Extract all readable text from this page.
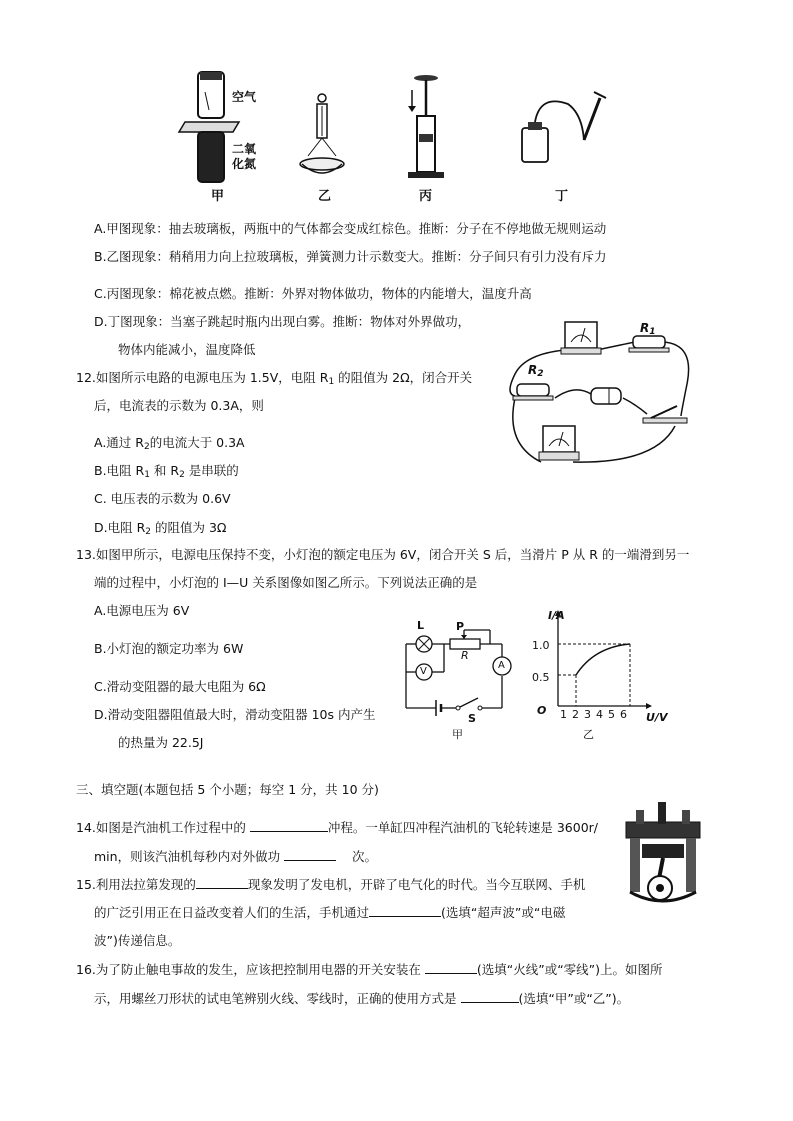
空气
二氧
化氮
甲	乙	丙	丁
A.甲图现象：抽去玻璃板，两瓶中的气体都会变成红棕色。推断：分子在不停地做无规则运动
B.乙图现象：稍稍用力向上拉玻璃板，弹簧测力计示数变大。推断：分子间只有引力没有斥力
C.丙图现象：棉花被点燃。推断：外界对物体做功，物体的内能增大，温度升高
D.丁图现象：当塞子跳起时瓶内出现白雾。推断：物体对外界做功，
物体内能减小，温度降低
$R_1$
$R_2$
12.如图所示电路的电源电压为 1.5V，电阻 $R_1$ 的阻值为 2Ω，闭合开关
后，电流表的示数为 0.3A，则
A.通过 $R_2$的电流大于 0.3A
B.电阻 $R_1$ 和 $R_2$ 是串联的
C. 电压表的示数为 0.6V
D.电阻 $R_2$ 的阻值为 3Ω
13.如图甲所示，电源电压保持不变，小灯泡的额定电压为 6V，闭合开关 S 后，当滑片 P 从 R 的一端滑到另一
端的过程中，小灯泡的 I—U 关系图像如图乙所示。下列说法正确的是
A.电源电压为 6V
B.小灯泡的额定功率为 6W
C.滑动变阻器的最大电阻为 6Ω
D.滑动变阻器阻值最大时，滑动变阻器 10s 内产生
的热量为 22.5J
L	P
R
A
V
S
甲
I/A
1.0
0.5
O 1 2 3 4 5 6 U/V
乙
三、填空题(本题包括 5 个小题；每空 1 分，共 10 分)
14.如图是汽油机工作过程中的	冲程。一单缸四冲程汽油机的飞轮转速是 3600r/
min，则该汽油机每秒内对外做功	次。
15.利用法拉第发现的	现象发明了发电机，开辟了电气化的时代。当今互联网、手机
的广泛引用正在日益改变着人们的生活，手机通过	(选填“超声波”或“电磁
波”)传递信息。
16.为了防止触电事故的发生，应该把控制用电器的开关安装在	(选填“火线”或“零线”)上。如图所
示，用螺丝刀形状的试电笔辨别火线、零线时，正确的使用方式是	(选填“甲”或“乙”)。
